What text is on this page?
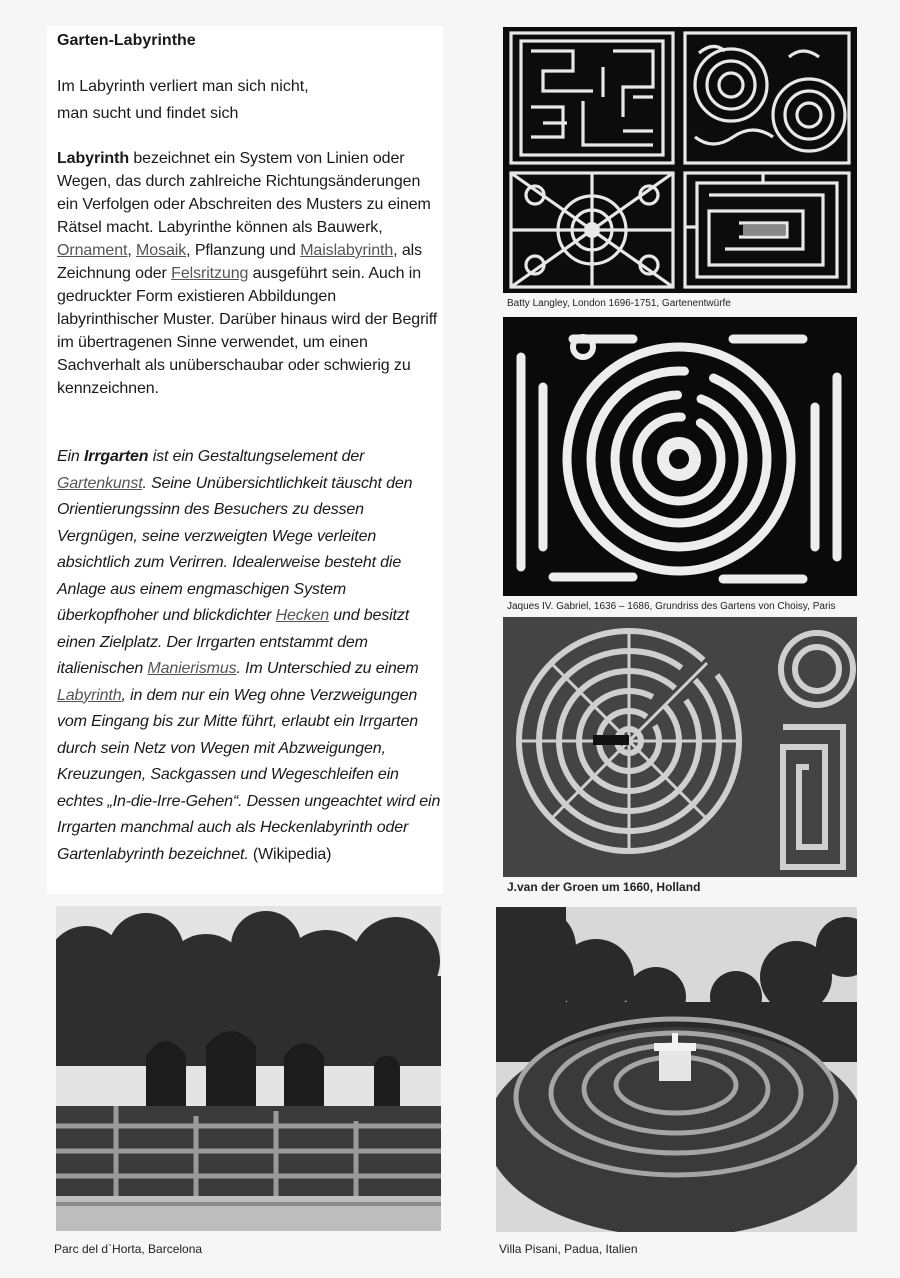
Garten-Labyrinthe
Im Labyrinth verliert man sich nicht,
man sucht und findet sich
Labyrinth bezeichnet ein System von Linien oder Wegen, das durch zahlreiche Richtungsänderungen ein Verfolgen oder Abschreiten des Musters zu einem Rätsel macht. Labyrinthe können als Bauwerk, Ornament, Mosaik, Pflanzung und Maislabyrinth, als Zeichnung oder Felsritzung ausgeführt sein. Auch in gedruckter Form existieren Abbildungen labyrinthischer Muster. Darüber hinaus wird der Begriff im übertragenen Sinne verwendet, um einen Sachverhalt als unüberschaubar oder schwierig zu kennzeichnen.
Ein Irrgarten ist ein Gestaltungselement der Gartenkunst. Seine Unübersichtlichkeit täuscht den Orientierungssinn des Besuchers zu dessen Vergnügen, seine verzweigten Wege verleiten absichtlich zum Verirren. Idealerweise besteht die Anlage aus einem engmaschigen System überkopfhoher und blickdichter Hecken und besitzt einen Zielplatz. Der Irrgarten entstammt dem italienischen Manierismus. Im Unterschied zu einem Labyrinth, in dem nur ein Weg ohne Verzweigungen vom Eingang bis zur Mitte führt, erlaubt ein Irrgarten durch sein Netz von Wegen mit Abzweigungen, Kreuzungen, Sackgassen und Wegeschleifen ein echtes „In-die-Irre-Gehen“. Dessen ungeachtet wird ein Irrgarten manchmal auch als Heckenlabyrinth oder Gartenlabyrinth bezeichnet. (Wikipedia)
Batty Langley, London 1696-1751, Gartenentwürfe
Jaques IV. Gabriel, 1636 – 1686, Grundriss des Gartens von Choisy, Paris
J.van der Groen um 1660, Holland
Parc del d`Horta, Barcelona	Villa Pisani, Padua, Italien
